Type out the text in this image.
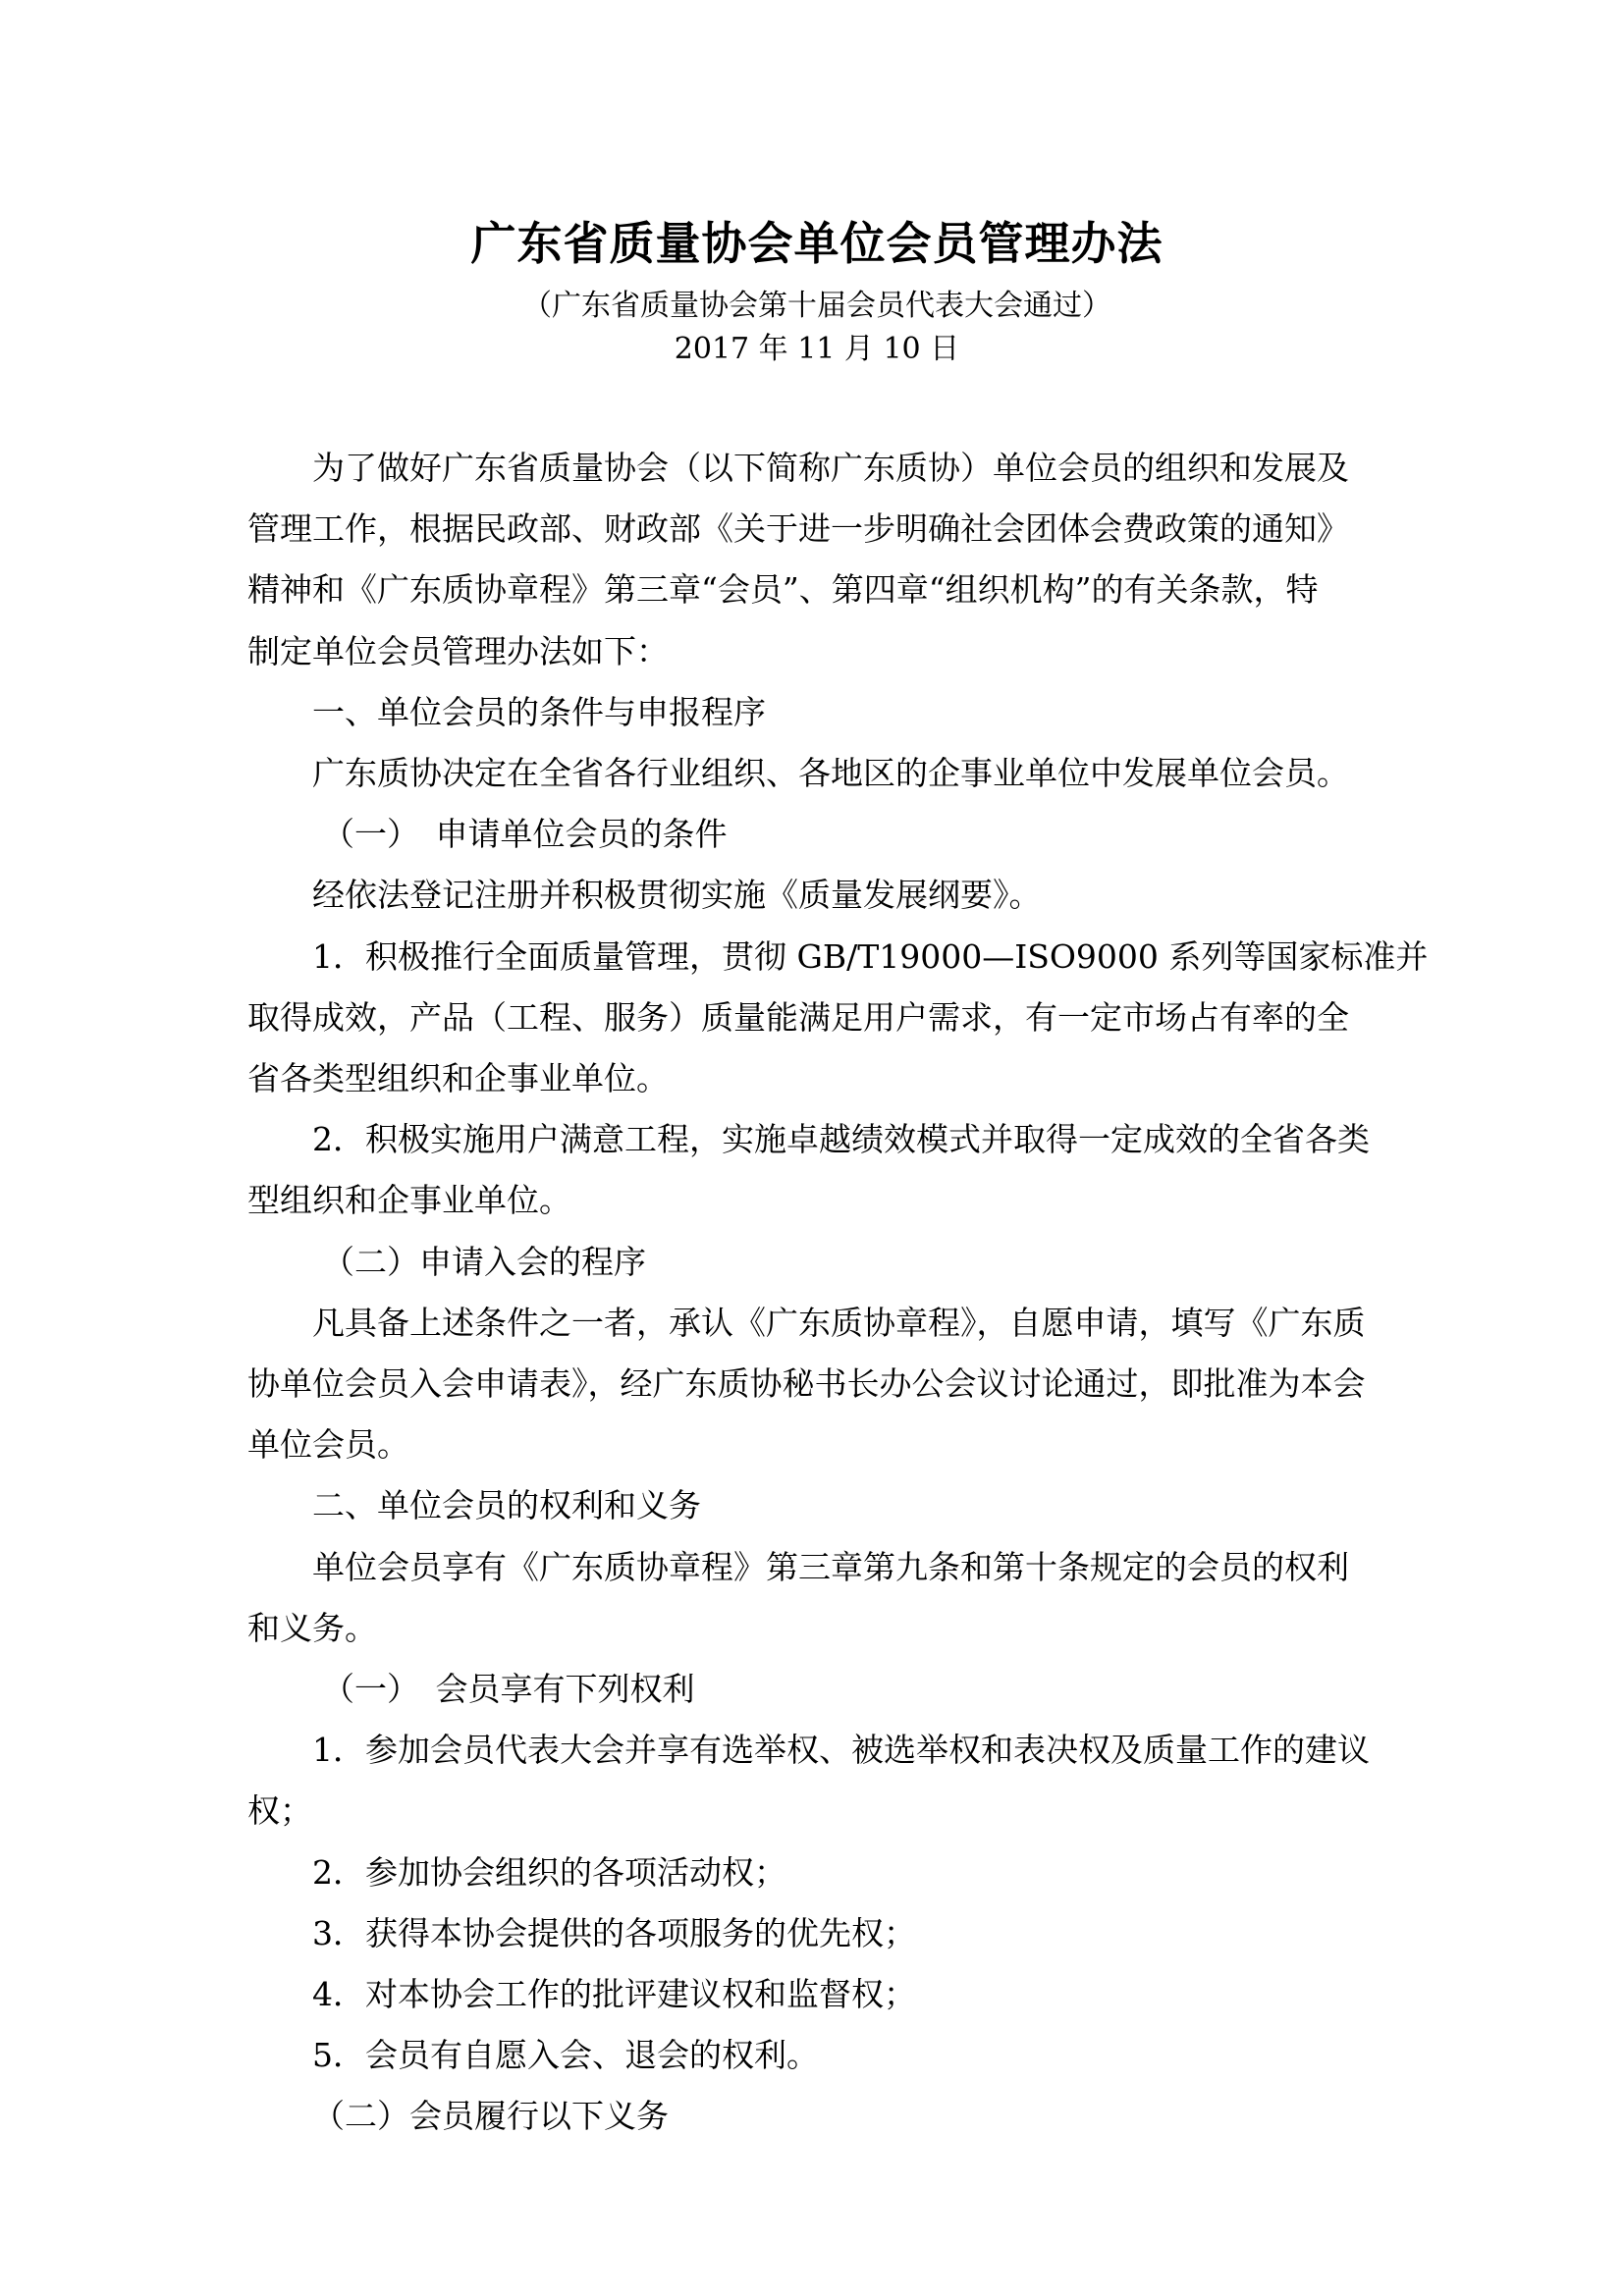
广东省质量协会单位会员管理办法
（广东省质量协会第十届会员代表大会通过）
2017 年 11 月 10 日
为了做好广东省质量协会（以下简称广东质协）单位会员的组织和发展及
管理工作，根据民政部、财政部《关于进一步明确社会团体会费政策的通知》
精神和《广东质协章程》第三章“会员”、第四章“组织机构”的有关条款，特
制定单位会员管理办法如下：
一、单位会员的条件与申报程序
广东质协决定在全省各行业组织、各地区的企事业单位中发展单位会员。
（一）　申请单位会员的条件
经依法登记注册并积极贯彻实施《质量发展纲要》。
1．积极推行全面质量管理，贯彻 GB/T19000—ISO9000 系列等国家标准并
取得成效，产品（工程、服务）质量能满足用户需求，有一定市场占有率的全
省各类型组织和企事业单位。
2．积极实施用户满意工程，实施卓越绩效模式并取得一定成效的全省各类
型组织和企事业单位。
（二）申请入会的程序
凡具备上述条件之一者，承认《广东质协章程》，自愿申请，填写《广东质
协单位会员入会申请表》，经广东质协秘书长办公会议讨论通过，即批准为本会
单位会员。
二、单位会员的权利和义务
单位会员享有《广东质协章程》第三章第九条和第十条规定的会员的权利
和义务。
（一）　会员享有下列权利
1．参加会员代表大会并享有选举权、被选举权和表决权及质量工作的建议
权；
2．参加协会组织的各项活动权；
3．获得本协会提供的各项服务的优先权；
4．对本协会工作的批评建议权和监督权；
5．会员有自愿入会、退会的权利。
（二）会员履行以下义务
